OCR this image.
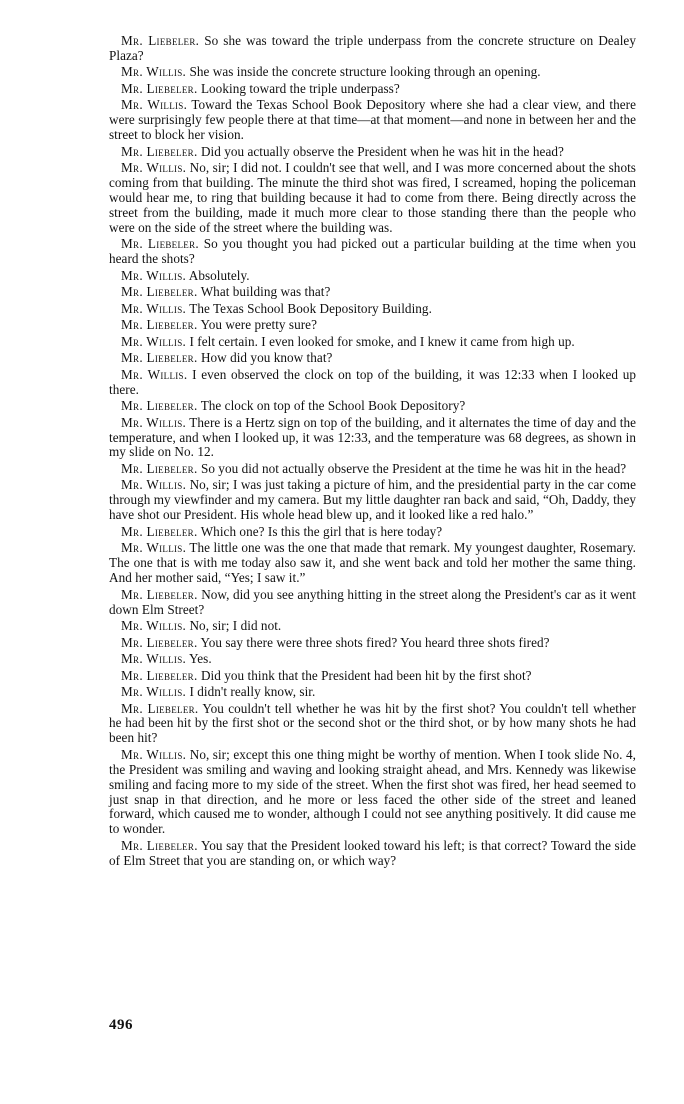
Mr. Liebeler. So she was toward the triple underpass from the concrete structure on Dealey Plaza?

Mr. Willis. She was inside the concrete structure looking through an opening.

Mr. Liebeler. Looking toward the triple underpass?

Mr. Willis. Toward the Texas School Book Depository where she had a clear view, and there were surprisingly few people there at that time—at that moment—and none in between her and the street to block her vision.

Mr. Liebeler. Did you actually observe the President when he was hit in the head?

Mr. Willis. No, sir; I did not. I couldn't see that well, and I was more concerned about the shots coming from that building. The minute the third shot was fired, I screamed, hoping the policeman would hear me, to ring that building because it had to come from there. Being directly across the street from the building, made it much more clear to those standing there than the people who were on the side of the street where the building was.

Mr. Liebeler. So you thought you had picked out a particular building at the time when you heard the shots?

Mr. Willis. Absolutely.

Mr. Liebeler. What building was that?

Mr. Willis. The Texas School Book Depository Building.

Mr. Liebeler. You were pretty sure?

Mr. Willis. I felt certain. I even looked for smoke, and I knew it came from high up.

Mr. Liebeler. How did you know that?

Mr. Willis. I even observed the clock on top of the building, it was 12:33 when I looked up there.

Mr. Liebeler. The clock on top of the School Book Depository?

Mr. Willis. There is a Hertz sign on top of the building, and it alternates the time of day and the temperature, and when I looked up, it was 12:33, and the temperature was 68 degrees, as shown in my slide on No. 12.

Mr. Liebeler. So you did not actually observe the President at the time he was hit in the head?

Mr. Willis. No, sir; I was just taking a picture of him, and the presidential party in the car come through my viewfinder and my camera. But my little daughter ran back and said, “Oh, Daddy, they have shot our President. His whole head blew up, and it looked like a red halo.”

Mr. Liebeler. Which one? Is this the girl that is here today?

Mr. Willis. The little one was the one that made that remark. My youngest daughter, Rosemary. The one that is with me today also saw it, and she went back and told her mother the same thing. And her mother said, “Yes; I saw it.”

Mr. Liebeler. Now, did you see anything hitting in the street along the President's car as it went down Elm Street?

Mr. Willis. No, sir; I did not.

Mr. Liebeler. You say there were three shots fired? You heard three shots fired?

Mr. Willis. Yes.

Mr. Liebeler. Did you think that the President had been hit by the first shot?

Mr. Willis. I didn't really know, sir.

Mr. Liebeler. You couldn't tell whether he was hit by the first shot? You couldn't tell whether he had been hit by the first shot or the second shot or the third shot, or by how many shots he had been hit?

Mr. Willis. No, sir; except this one thing might be worthy of mention. When I took slide No. 4, the President was smiling and waving and looking straight ahead, and Mrs. Kennedy was likewise smiling and facing more to my side of the street. When the first shot was fired, her head seemed to just snap in that direction, and he more or less faced the other side of the street and leaned forward, which caused me to wonder, although I could not see anything positively. It did cause me to wonder.

Mr. Liebeler. You say that the President looked toward his left; is that correct? Toward the side of Elm Street that you are standing on, or which way?

496
